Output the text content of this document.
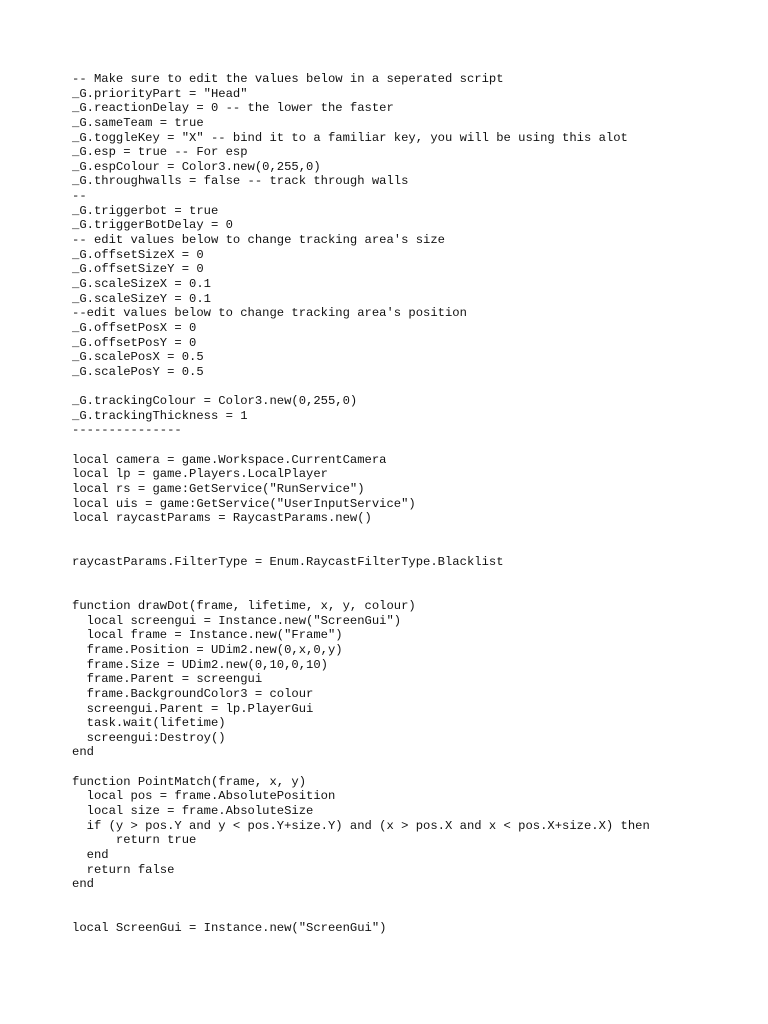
-- Make sure to edit the values below in a seperated script
_G.priorityPart = "Head"
_G.reactionDelay = 0 -- the lower the faster
_G.sameTeam = true
_G.toggleKey = "X" -- bind it to a familiar key, you will be using this alot
_G.esp = true -- For esp
_G.espColour = Color3.new(0,255,0)
_G.throughwalls = false -- track through walls
--
_G.triggerbot = true
_G.triggerBotDelay = 0
-- edit values below to change tracking area's size
_G.offsetSizeX = 0
_G.offsetSizeY = 0
_G.scaleSizeX = 0.1
_G.scaleSizeY = 0.1
--edit values below to change tracking area's position
_G.offsetPosX = 0
_G.offsetPosY = 0
_G.scalePosX = 0.5
_G.scalePosY = 0.5
_G.trackingColour = Color3.new(0,255,0)
_G.trackingThickness = 1
---------------
local camera = game.Workspace.CurrentCamera
local lp = game.Players.LocalPlayer
local rs = game:GetService("RunService")
local uis = game:GetService("UserInputService")
local raycastParams = RaycastParams.new()
raycastParams.FilterType = Enum.RaycastFilterType.Blacklist
function drawDot(frame, lifetime, x, y, colour)
local screengui = Instance.new("ScreenGui")
local frame = Instance.new("Frame")
frame.Position = UDim2.new(0,x,0,y)
frame.Size = UDim2.new(0,10,0,10)
frame.Parent = screengui
frame.BackgroundColor3 = colour
screengui.Parent = lp.PlayerGui
task.wait(lifetime)
screengui:Destroy()
end
function PointMatch(frame, x, y)
local pos = frame.AbsolutePosition
local size = frame.AbsoluteSize
if (y > pos.Y and y < pos.Y+size.Y) and (x > pos.X and x < pos.X+size.X) then
return true
end
return false
end
local ScreenGui = Instance.new("ScreenGui")
